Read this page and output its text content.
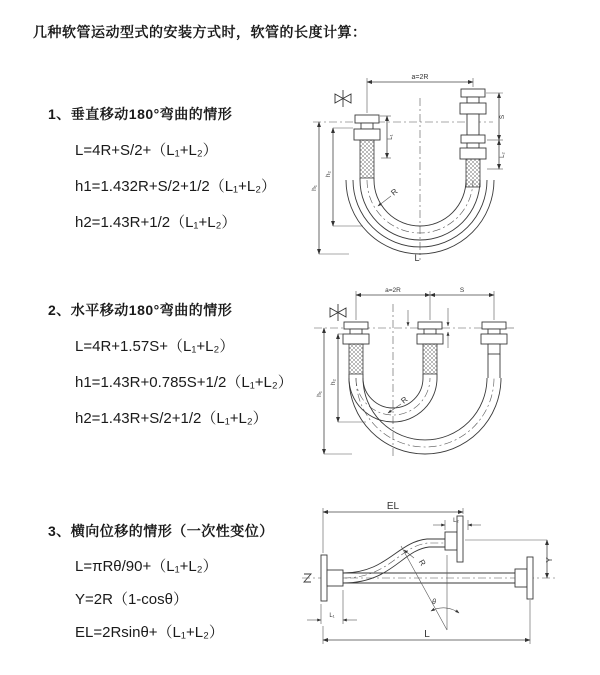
几种软管运动型式的安装方式时，软管的长度计算：
1、垂直移动180°弯曲的情形
L=4R+S/2+（L₁+L₂）
h1=1.432R+S/2+1/2（L₁+L₂）
h2=1.43R+1/2（L₁+L₂）
2、水平移动180°弯曲的情形
L=4R+1.57S+（L₁+L₂）
h1=1.43R+0.785S+1/2（L₁+L₂）
h2=1.43R+S/2+1/2（L₁+L₂）
3、横向位移的情形（一次性变位）
L=πRθ/90+（L₁+L₂）
Y=2R（1-cosθ）
EL=2Rsinθ+（L₁+L₂）
a=2R
h₁
h₂
L₁
S
L₂
R
L
a=2R	S
h₁
h₂
R
θ
R
EL
L₂
Y
L₁
L
